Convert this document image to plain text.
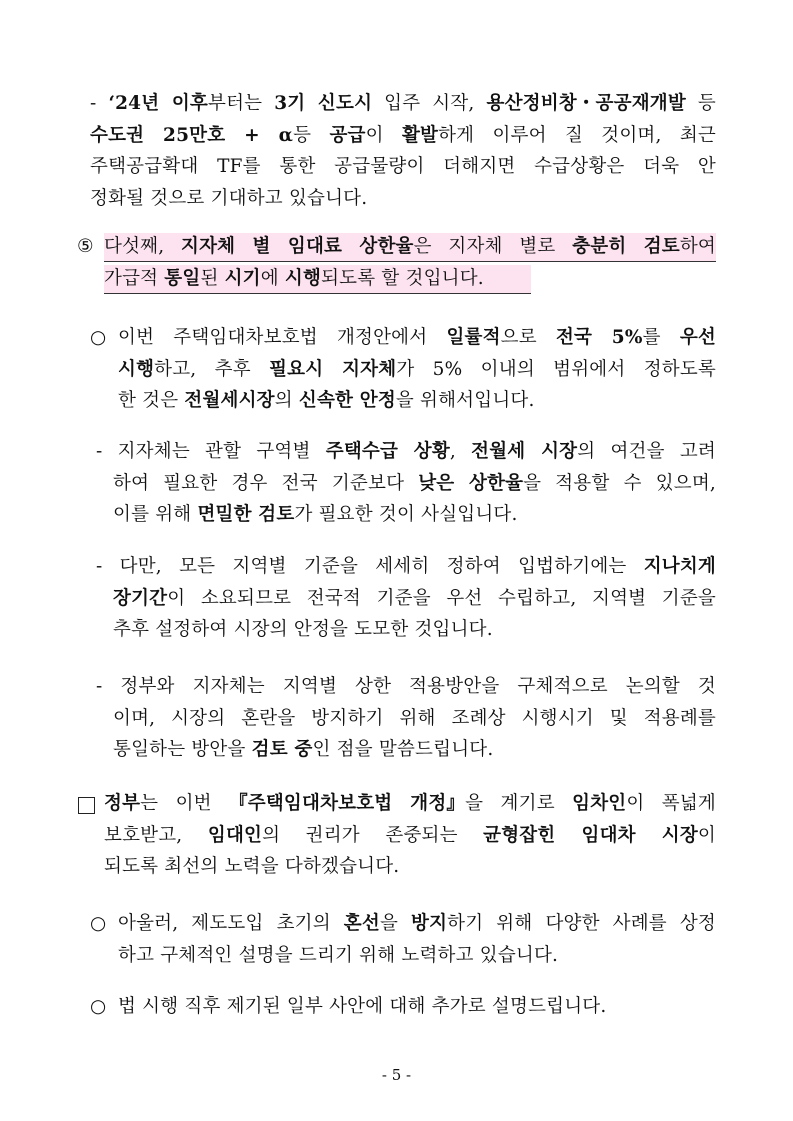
- ‘24년 이후부터는 3기 신도시 입주 시작, 용산정비창・공공재개발 등
수도권 25만호 + α등 공급이 활발하게 이루어 질 것이며, 최근
주택공급확대 TF를 통한 공급물량이 더해지면 수급상황은 더욱 안
정화될 것으로 기대하고 있습니다.
⑤ 다섯째, 지자체 별 임대료 상한율은 지자체 별로 충분히 검토하여
가급적 통일된 시기에 시행되도록 할 것입니다.
○ 이번 주택임대차보호법 개정안에서 일률적으로 전국 5%를 우선
시행하고, 추후 필요시 지자체가 5% 이내의 범위에서 정하도록
한 것은 전월세시장의 신속한 안정을 위해서입니다.
- 지자체는 관할 구역별 주택수급 상황, 전월세 시장의 여건을 고려
하여 필요한 경우 전국 기준보다 낮은 상한율을 적용할 수 있으며,
이를 위해 면밀한 검토가 필요한 것이 사실입니다.
- 다만, 모든 지역별 기준을 세세히 정하여 입법하기에는 지나치게
장기간이 소요되므로 전국적 기준을 우선 수립하고, 지역별 기준을
추후 설정하여 시장의 안정을 도모한 것입니다.
- 정부와 지자체는 지역별 상한 적용방안을 구체적으로 논의할 것
이며, 시장의 혼란을 방지하기 위해 조례상 시행시기 및 적용례를
통일하는 방안을 검토 중인 점을 말씀드립니다.
정부는 이번 『주택임대차보호법 개정』을 계기로 임차인이 폭넓게
보호받고, 임대인의 권리가 존중되는 균형잡힌 임대차 시장이
되도록 최선의 노력을 다하겠습니다.
○ 아울러, 제도도입 초기의 혼선을 방지하기 위해 다양한 사례를 상정
하고 구체적인 설명을 드리기 위해 노력하고 있습니다.
○ 법 시행 직후 제기된 일부 사안에 대해 추가로 설명드립니다.
- 5 -
